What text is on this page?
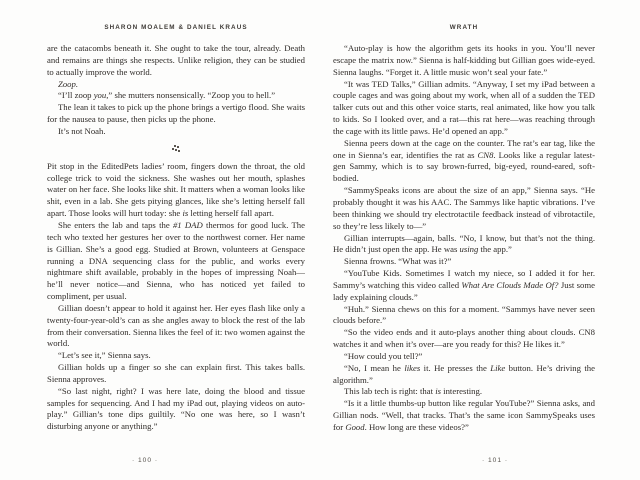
SHARON MOALEM & DANIEL KRAUS

are the catacombs beneath it. She ought to take the tour, already. Death and remains are things she respects. Unlike religion, they can be studied to actually improve the world.

Zoop.

“I’ll zoop you,” she mutters nonsensically. “Zoop you to hell.”

The lean it takes to pick up the phone brings a vertigo flood. She waits for the nausea to pause, then picks up the phone.

It’s not Noah.

Pit stop in the EditedPets ladies’ room, fingers down the throat, the old college trick to void the sickness. She washes out her mouth, splashes water on her face. She looks like shit. It matters when a woman looks like shit, even in a lab. She gets pitying glances, like she’s letting herself fall apart. Those looks will hurt today: she is letting herself fall apart.

She enters the lab and taps the #1 DAD thermos for good luck. The tech who texted her gestures her over to the northwest corner. Her name is Gillian. She’s a good egg. Studied at Brown, volunteers at Genspace running a DNA sequencing class for the public, and works every nightmare shift available, probably in the hopes of impressing Noah—he’ll never notice—and Sienna, who has noticed yet failed to compliment, per usual.

Gillian doesn’t appear to hold it against her. Her eyes flash like only a twenty-four-year-old’s can as she angles away to block the rest of the lab from their conversation. Sienna likes the feel of it: two women against the world.

“Let’s see it,” Sienna says.

Gillian holds up a finger so she can explain first. This takes balls. Sienna approves.

“So last night, right? I was here late, doing the blood and tissue samples for sequencing. And I had my iPad out, playing videos on auto-play.” Gillian’s tone dips guiltily. “No one was here, so I wasn’t disturbing anyone or anything.”

· 100 ·
WRATH

“Auto-play is how the algorithm gets its hooks in you. You’ll never escape the matrix now.” Sienna is half-kidding but Gillian goes wide-eyed. Sienna laughs. “Forget it. A little music won’t seal your fate.”

“It was TED Talks,” Gillian admits. “Anyway, I set my iPad between a couple cages and was going about my work, when all of a sudden the TED talker cuts out and this other voice starts, real animated, like how you talk to kids. So I looked over, and a rat—this rat here—was reaching through the cage with its little paws. He’d opened an app.”

Sienna peers down at the cage on the counter. The rat’s ear tag, like the one in Sienna’s ear, identifies the rat as CN8. Looks like a regular latest-gen Sammy, which is to say brown-furred, big-eyed, round-eared, soft-bodied.

“SammySpeaks icons are about the size of an app,” Sienna says. “He probably thought it was his AAC. The Sammys like haptic vibrations. I’ve been thinking we should try electrotactile feedback instead of vibrotactile, so they’re less likely to—”

Gillian interrupts—again, balls. “No, I know, but that’s not the thing. He didn’t just open the app. He was using the app.”

Sienna frowns. “What was it?”

“YouTube Kids. Sometimes I watch my niece, so I added it for her. Sammy’s watching this video called What Are Clouds Made Of? Just some lady explaining clouds.”

“Huh.” Sienna chews on this for a moment. “Sammys have never seen clouds before.”

“So the video ends and it auto-plays another thing about clouds. CN8 watches it and when it’s over—are you ready for this? He likes it.”

“How could you tell?”

“No, I mean he likes it. He presses the Like button. He’s driving the algorithm.”

This lab tech is right: that is interesting.

“Is it a little thumbs-up button like regular YouTube?” Sienna asks, and Gillian nods. “Well, that tracks. That’s the same icon SammySpeaks uses for Good. How long are these videos?”

· 101 ·
